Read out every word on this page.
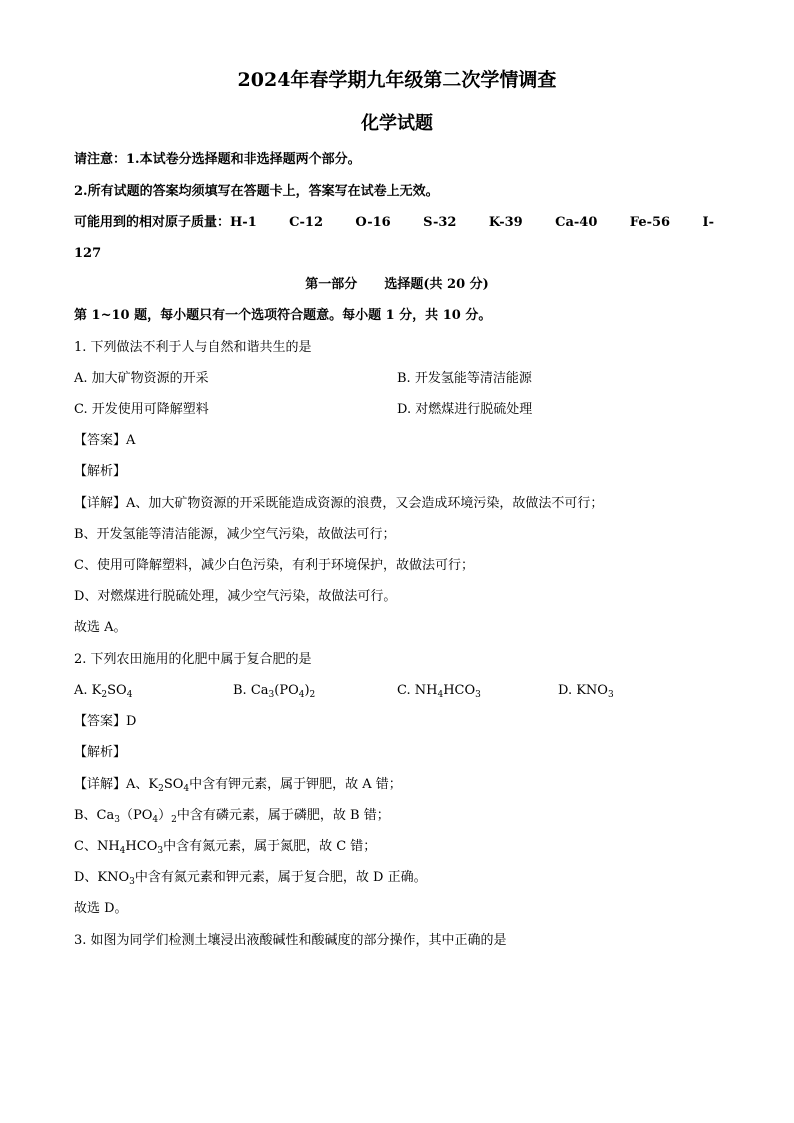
2024年春学期九年级第二次学情调查
化学试题
请注意：1.本试卷分选择题和非选择题两个部分。
2.所有试题的答案均须填写在答题卡上，答案写在试卷上无效。
可能用到的相对原子质量：H-1 C-12 O-16 S-32 K-39 Ca-40 Fe-56 I-
127
第一部分      选择题(共 20 分)
第 1~10 题，每小题只有一个选项符合题意。每小题 1 分，共 10 分。
1. 下列做法不利于人与自然和谐共生的是
A. 加大矿物资源的开采	B. 开发氢能等清洁能源
C. 开发使用可降解塑料	D. 对燃煤进行脱硫处理
【答案】A
【解析】
【详解】A、加大矿物资源的开采既能造成资源的浪费，又会造成环境污染，故做法不可行；
B、开发氢能等清洁能源，减少空气污染，故做法可行；
C、使用可降解塑料，减少白色污染，有利于环境保护，故做法可行；
D、对燃煤进行脱硫处理，减少空气污染，故做法可行。
故选 A。
2. 下列农田施用的化肥中属于复合肥的是
A. $K_2SO_4$	B. $Ca_3(PO_4)_2$	C. $NH_4HCO_3$	D. $KNO_3$
【答案】D
【解析】
【详解】A、$K_2SO_4$中含有钾元素，属于钾肥，故 A 错；
B、$Ca_3(PO_4)_2$中含有磷元素，属于磷肥，故 B 错；
C、$NH_4HCO_3$中含有氮元素，属于氮肥，故 C 错；
D、$KNO_3$中含有氮元素和钾元素，属于复合肥，故 D 正确。
故选 D。
3. 如图为同学们检测土壤浸出液酸碱性和酸碱度的部分操作，其中正确的是
